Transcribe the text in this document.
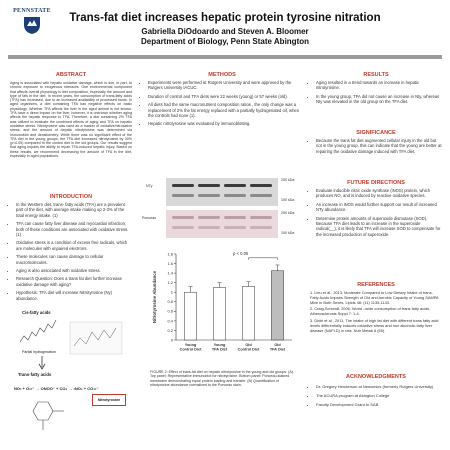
PENNSTATE
Trans-fat diet increases hepatic protein tyrosine nitration
Gabriella DiOdoardo and Steven A. Bloomer
Department of Biology, Penn State Abington
ABSTRACT
Aging is associated with hepatic oxidative damage, which is due, in part, to chronic exposure to exogenous stressors. One environmental component that affects overall physiology is diet composition, especially the amount and type of fats in the diet. In recent years, the consumption of trans-fatty acids (TFA) has increased, due to an increased availability of processed foods. In aged organisms, a diet containing TFA has negative effects on basic physiology. Whether TFA affects the liver in the aged animal is not known. TFA have a direct impact on the liver, however, it is unknown whether aging affects the hepatic response to TFA. Therefore, a diet containing 2% TFA was utilized to evaluate the combined effects of aging and TFA on hepatic oxidative stress. Nitrotyrosine was used as a marker of oxidative/nitrosative stress, and the amount of hepatic nitrotyrosine was determined via immunoblot and densitometry. While there was no significant effect of the TFA diet in the young groups, the TFA diet increased nitrotyrosine by 30% (p<0.05) compared to the control diet in the old groups. Our results suggest that aging impairs the ability to repair TFA-induced hepatic injury. Based on these results, we recommend decreasing the amount of TFA in the diet, especially in aged populations.
INTRODUCTION
• In the Western diet, trans- fatty acids (TFA) are a prevalent part of the diet, with average intake making up 2-3% of the total energy intake. (1)
• TFA can cause fatty liver disease and myocardial infarction, both of these conditions are associated with oxidative stress. (1)
• Oxidative stress is a condition of excess free radicals, which are molecules with unpaired electrons.
• These molecules can cause damage to cellular macromolecules.
• Aging is also associated with oxidative stress.
• Research Question: Does a trans fat diet further increase oxidative damage with aging?
• Hypothesis: TFA diet will increase Nitrotyrosine (Ny) abundance.
Cis-fatty acids
Partial hydrogenation
Trans-fatty acids
NO• + O₂•⁻ → ONOO⁻ + CO₂ → •NO₂ + CO₃•⁻
Nitrotyrosine
METHODS
• Experiments were performed at Rutgers University and were approved by the Rutgers University IACUC.
• Duration of control and TFA diets were 22 weeks (young) or 57 weeks (old).
• All diets had the same macronutrient composition ratios , the only change was a replacement of 2% the fat energy replaced with a partially hydrogenated oil, when the controls had none (1).
• Hepatic nitrotyrosine was evaluated by immunoblotting.
NTy
Ponceau
250 kDa
100 kDa
250 kDa
100 kDa
0
0.2
0.4
0.6
0.8
1
1.2
1.4
1.6
1.8
Nitrotyrosine Abundance
Young
Control Diet
Young
TFA Diet
Old
Control Diet
Old
TFA Diet
p < 0.05
FIGURE 2: Effect of trans-fat diet on hepatic nitrotyrosine in the young and old groups. (A) Top panel: Representative immunoblot for nitrotyrosine. Bottom panel: Ponceau-stained membrane demonstrating equal protein loading and transfer. (B) Quantification of nitrotyrosine abundance normalized to the Ponceau stain.
RESULTS
• Aging resulted in a trend towards an increase in hepatic nitrotyrosine.
• In the young group, TFA did not cause an increase in Nty, whereas Nty was elevated in the old group on the TFA diet.
SIGNIFICANCE
• Because the trans fat diet augmented cellular injury in the old but not in the young group, this can indicate that the young are better at repairing the oxidative damage induced with TFA diet.
FUTURE DIRECTIONS
• Evaluate inducible nitric oxide synthase (iNOS) protein, which produces NO, and is induced by reactive oxidative species.
• An increase in iNOS would further support our result of increased NTy abundance.
• Determine protein amounts of superoxide dismutase (SOD). Because TFA diet leads to an increase in the superoxide radical(__), it is likely that TFA will increase SOD to compensate for the increased production of superoxide.
REFERENCES
1. Lieu et al., 2013, Moderate Compared to Low Dietary Intake of trans- Fatty Acids Impairs Strength of Old and Aerobic Capacity of Young SAMP8 Mice in Both Sexes. Lipids 48: (11) 1135-1143.
2. Craig-Schmidt, 2006, World –wide consumption of trans fatty acids. Atherosclerosis Suppl 7: 1-4.
3. Dhibi et al., 2011, The intake of high fat diet with different trans fatty acid levels differentially induces oxidative stress and non alcoholic fatty liver disease (NAFLD) in rats. Nutr Metab 8 (65).
ACKNOWLEDGMENTS
• Dr. Gregory Henderson at Newomics (formerly Rutgers University)
• The ACURA program at Abington College
• Faculty Development Grant to SAB
